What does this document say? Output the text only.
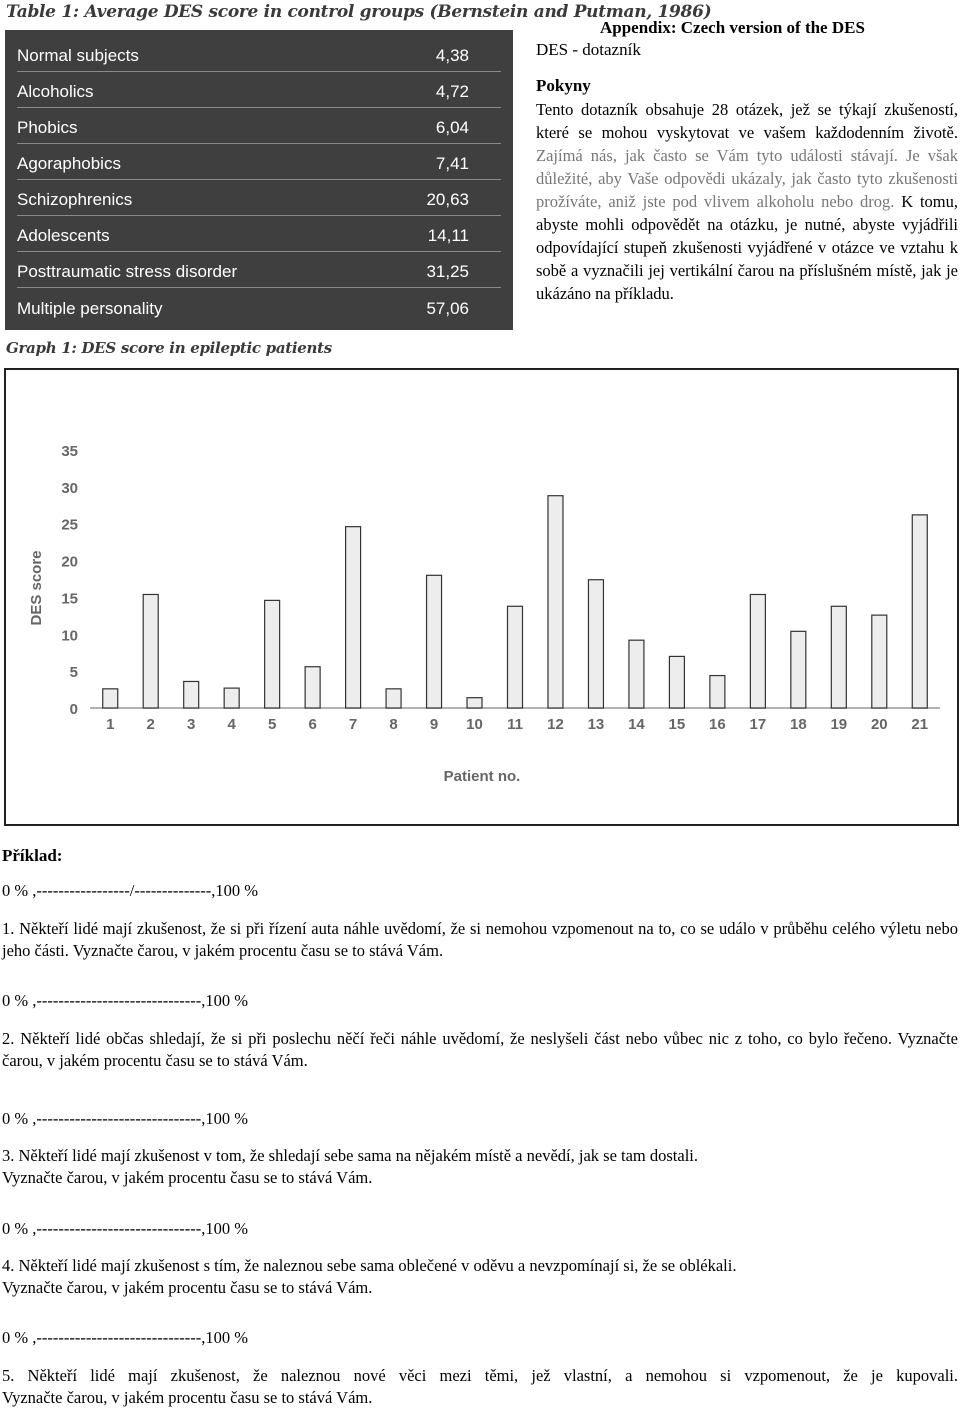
Table 1: Average DES score in control groups (Bernstein and Putman, 1986)
Normal subjects	4,38
Alcoholics	4,72
Phobics	6,04
Agoraphobics	7,41
Schizophrenics	20,63
Adolescents	14,11
Posttraumatic stress disorder	31,25
Multiple personality	57,06
Appendix: Czech version of the DES
DES - dotazník
Pokyny
Tento dotazník obsahuje 28 otázek, jež se týkají zkušeností, které se mohou vyskytovat ve vašem každodenním životě. Zajímá nás, jak často se Vám tyto události stávají. Je však důležité, aby Vaše odpovědi ukázaly, jak často tyto zkušenosti prožíváte, aniž jste pod vlivem alkoholu nebo drog. K tomu, abyste mohli odpovědět na otázku, je nutné, abyste vyjádřili odpovídající stupeň zkušenosti vyjádřené v otázce ve vztahu k sobě a vyznačili jej vertikální čarou na příslušném místě, jak je ukázáno na příkladu.
Graph 1: DES score in epileptic patients
0
5
10
15
20
25
30
35
1 2 3 4 5 6 7 8 9 10 11 12 13 14 15 16 17 18 19 20 21
DES score
Patient no.
Příklad:
0 % ,-----------------/--------------,100 %
1. Někteří lidé mají zkušenost, že si při řízení auta náhle uvědomí, že si nemohou vzpomenout na to, co se událo v průběhu celého výletu nebo jeho části. Vyznačte čarou, v jakém procentu času se to stává Vám.
0 % ,------------------------------,100 %
2. Někteří lidé občas shledají, že si při poslechu něčí řeči náhle uvědomí, že neslyšeli část nebo vůbec nic z toho, co bylo řečeno. Vyznačte čarou, v jakém procentu času se to stává Vám.
0 % ,------------------------------,100 %
3. Někteří lidé mají zkušenost v tom, že shledají sebe sama na nějakém místě a nevědí, jak se tam dostali.
Vyznačte čarou, v jakém procentu času se to stává Vám.
0 % ,------------------------------,100 %
4. Někteří lidé mají zkušenost s tím, že naleznou sebe sama oblečené v oděvu a nevzpomínají si, že se oblékali.
Vyznačte čarou, v jakém procentu času se to stává Vám.
0 % ,------------------------------,100 %
5. Někteří lidé mají zkušenost, že naleznou nové věci mezi těmi, jež vlastní, a nemohou si vzpomenout, že je kupovali.
Vyznačte čarou, v jakém procentu času se to stává Vám.
